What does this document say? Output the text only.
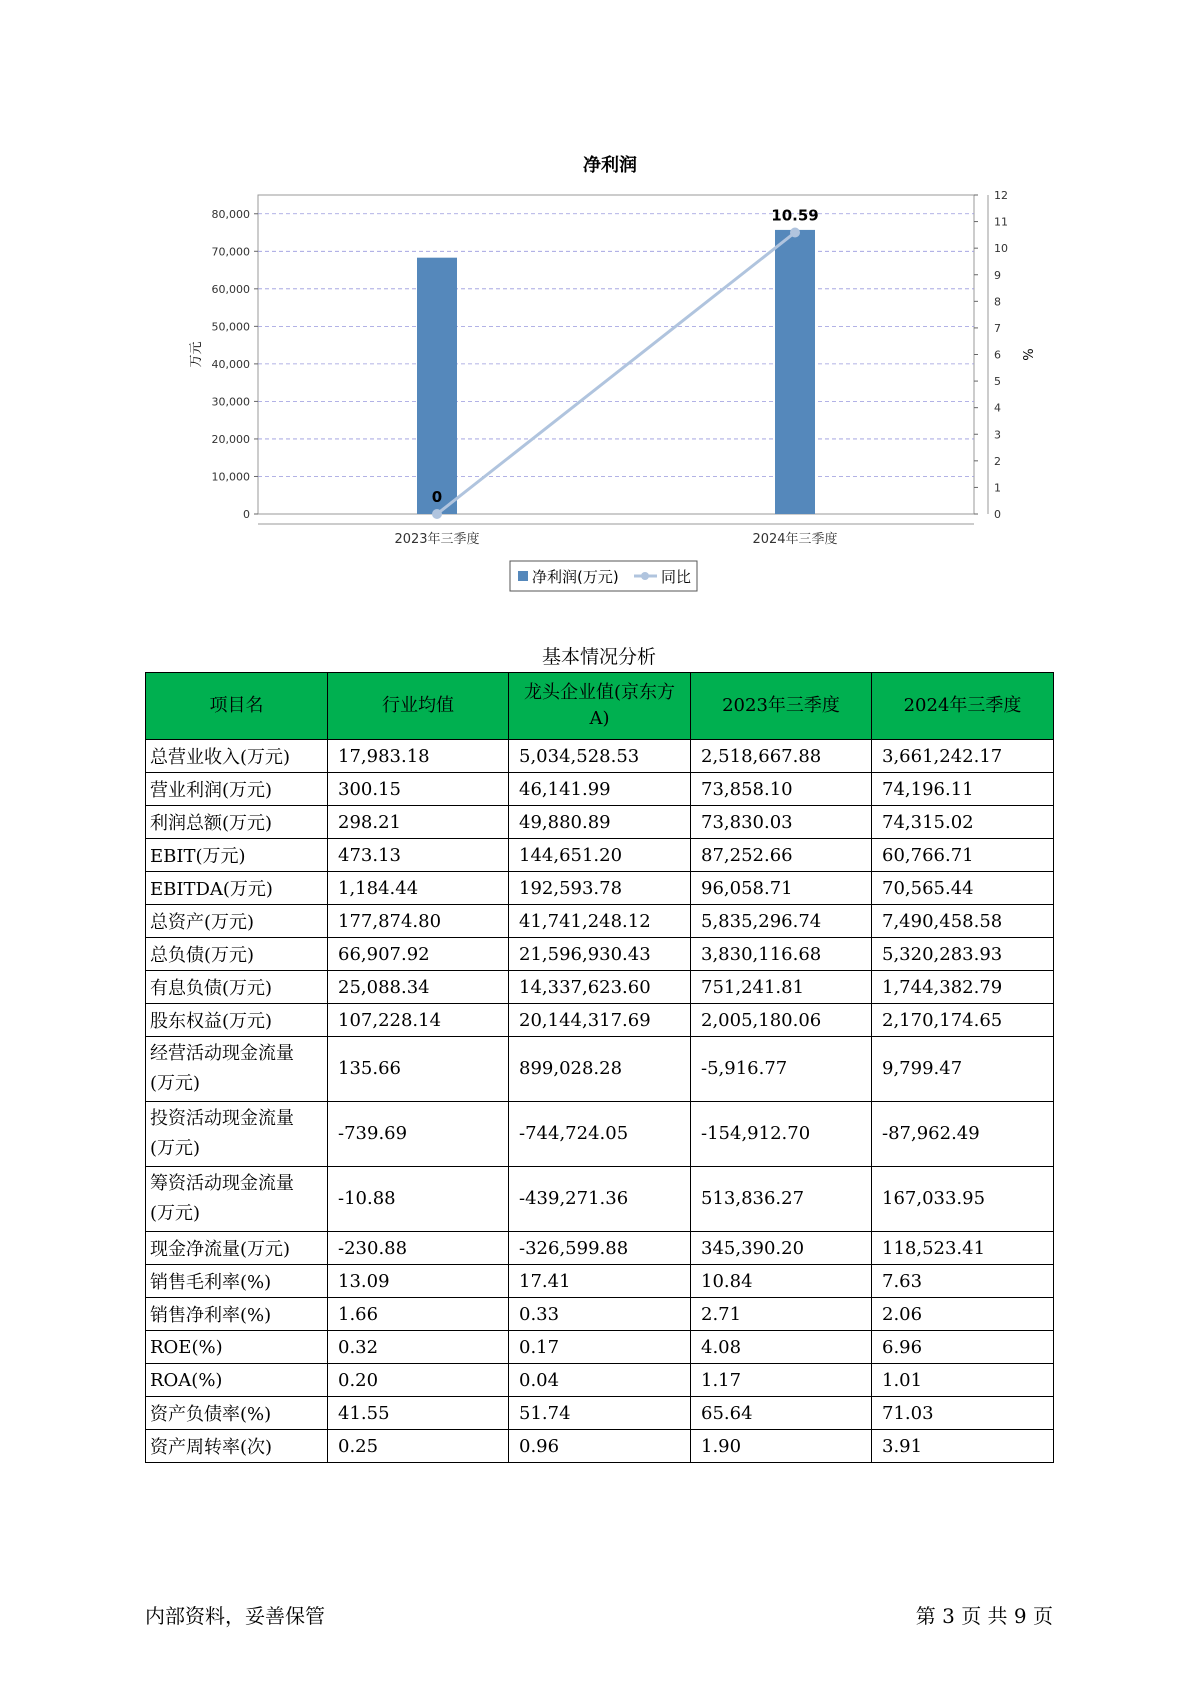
净利润
0
10,000
20,000
30,000
40,000
50,000
60,000
70,000
80,000
0
1
2
3
4
5
6
7
8
9
10
11
12
万元	%
2023年三季度	2024年三季度
0
10.59
净利润(万元)	同比
基本情况分析
项目名	行业均值	龙头企业值(京东方A)	2023年三季度	2024年三季度
总营业收入(万元)	17,983.18	5,034,528.53	2,518,667.88	3,661,242.17
营业利润(万元)	300.15	46,141.99	73,858.10	74,196.11
利润总额(万元)	298.21	49,880.89	73,830.03	74,315.02
EBIT(万元)	473.13	144,651.20	87,252.66	60,766.71
EBITDA(万元)	1,184.44	192,593.78	96,058.71	70,565.44
总资产(万元)	177,874.80	41,741,248.12	5,835,296.74	7,490,458.58
总负债(万元)	66,907.92	21,596,930.43	3,830,116.68	5,320,283.93
有息负债(万元)	25,088.34	14,337,623.60	751,241.81	1,744,382.79
股东权益(万元)	107,228.14	20,144,317.69	2,005,180.06	2,170,174.65
经营活动现金流量(万元)	135.66	899,028.28	-5,916.77	9,799.47
投资活动现金流量(万元)	-739.69	-744,724.05	-154,912.70	-87,962.49
筹资活动现金流量(万元)	-10.88	-439,271.36	513,836.27	167,033.95
现金净流量(万元)	-230.88	-326,599.88	345,390.20	118,523.41
销售毛利率(%)	13.09	17.41	10.84	7.63
销售净利率(%)	1.66	0.33	2.71	2.06
ROE(%)	0.32	0.17	4.08	6.96
ROA(%)	0.20	0.04	1.17	1.01
资产负债率(%)	41.55	51.74	65.64	71.03
资产周转率(次)	0.25	0.96	1.90	3.91
内部资料，妥善保管	第 3 页 共 9 页
